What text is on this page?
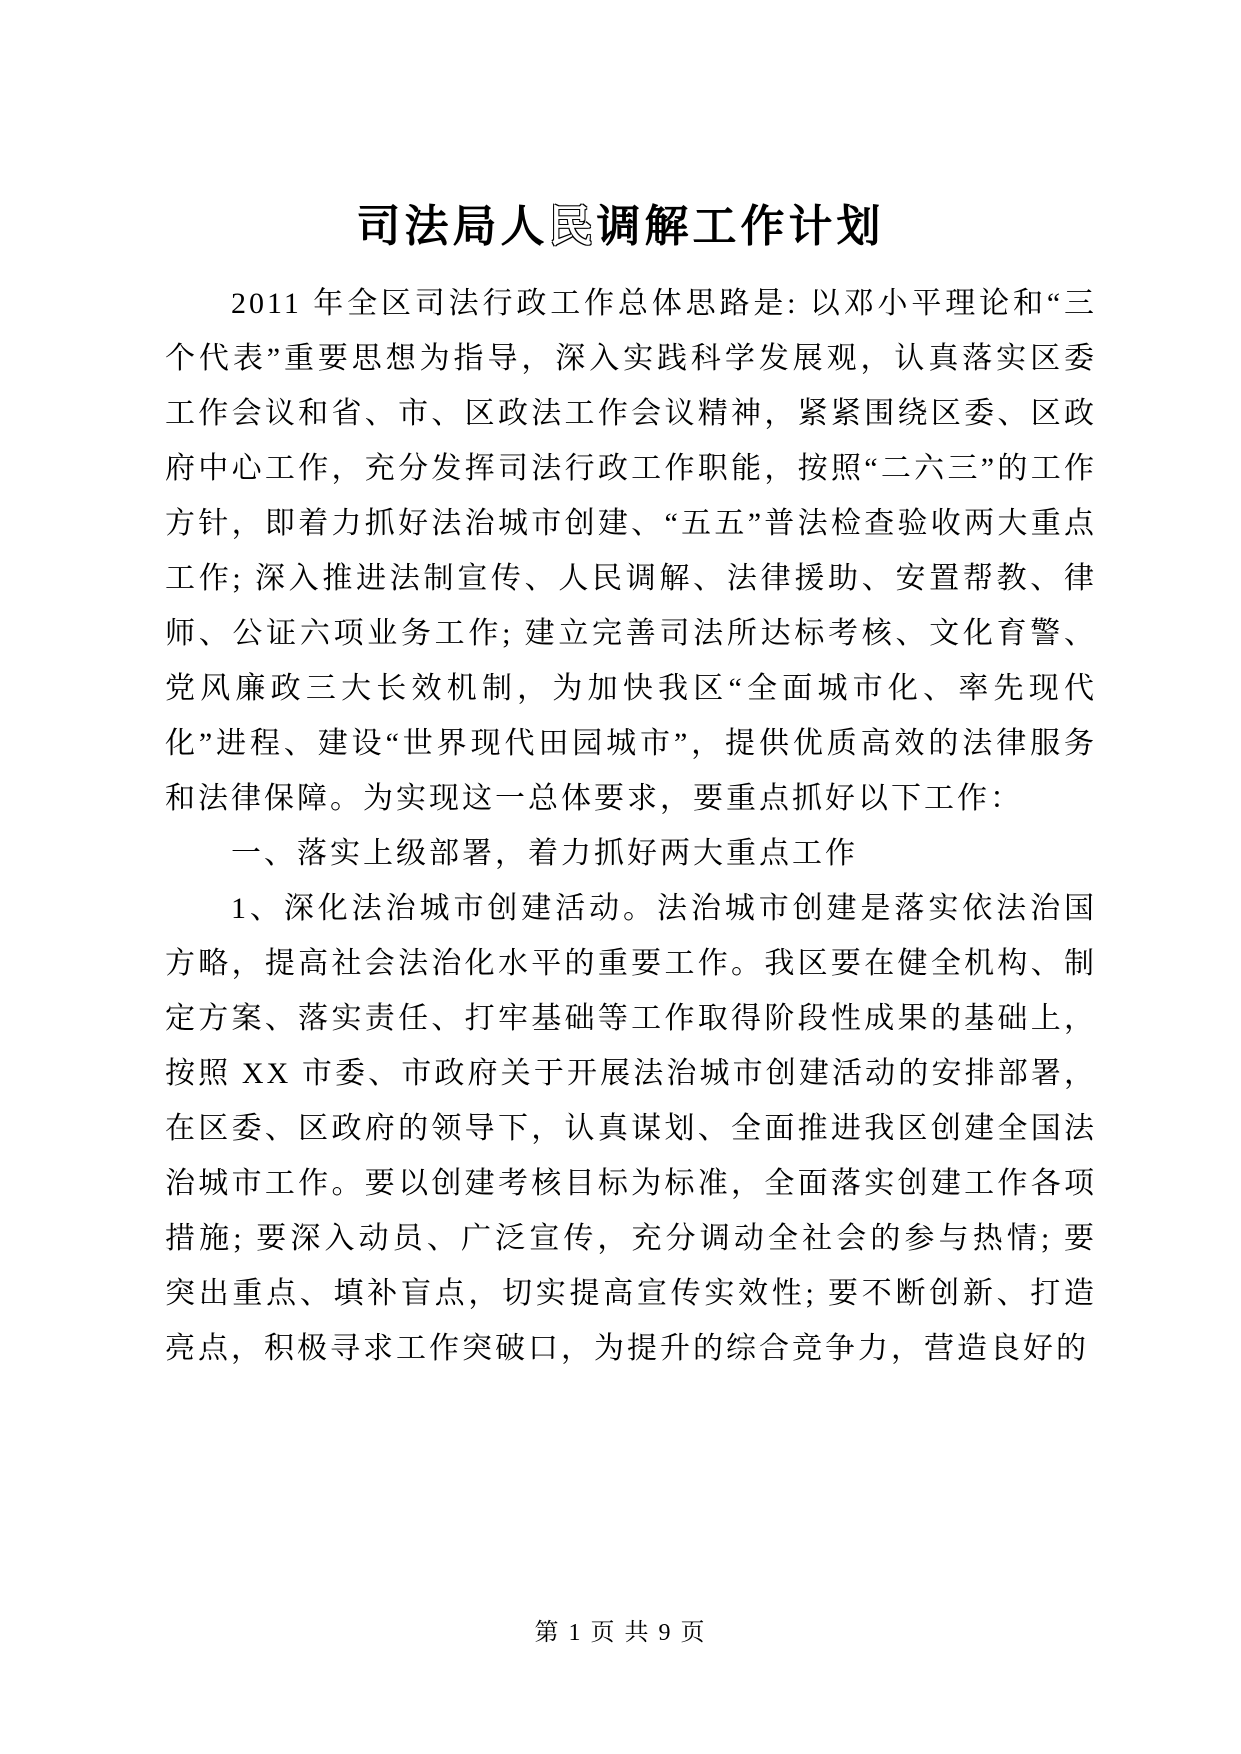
司法局人民调解工作计划

2011 年全区司法行政工作总体思路是: 以邓小平理论和“三个代表”重要思想为指导，深入实践科学发展观，认真落实区委工作会议和省、市、区政法工作会议精神，紧紧围绕区委、区政府中心工作，充分发挥司法行政工作职能，按照“二六三”的工作方针，即着力抓好法治城市创建、“五五”普法检查验收两大重点工作; 深入推进法制宣传、人民调解、法律援助、安置帮教、律师、公证六项业务工作; 建立完善司法所达标考核、文化育警、党风廉政三大长效机制，为加快我区“全面城市化、率先现代化”进程、建设“世界现代田园城市”，提供优质高效的法律服务和法律保障。为实现这一总体要求，要重点抓好以下工作：

一、落实上级部署，着力抓好两大重点工作

1、深化法治城市创建活动。法治城市创建是落实依法治国方略，提高社会法治化水平的重要工作。我区要在健全机构、制定方案、落实责任、打牢基础等工作取得阶段性成果的基础上，按照 XX 市委、市政府关于开展法治城市创建活动的安排部署，在区委、区政府的领导下，认真谋划、全面推进我区创建全国法治城市工作。要以创建考核目标为标准，全面落实创建工作各项措施; 要深入动员、广泛宣传，充分调动全社会的参与热情; 要突出重点、填补盲点，切实提高宣传实效性; 要不断创新、打造亮点，积极寻求工作突破口，为提升的综合竞争力，营造良好的

第 1 页 共 9 页
